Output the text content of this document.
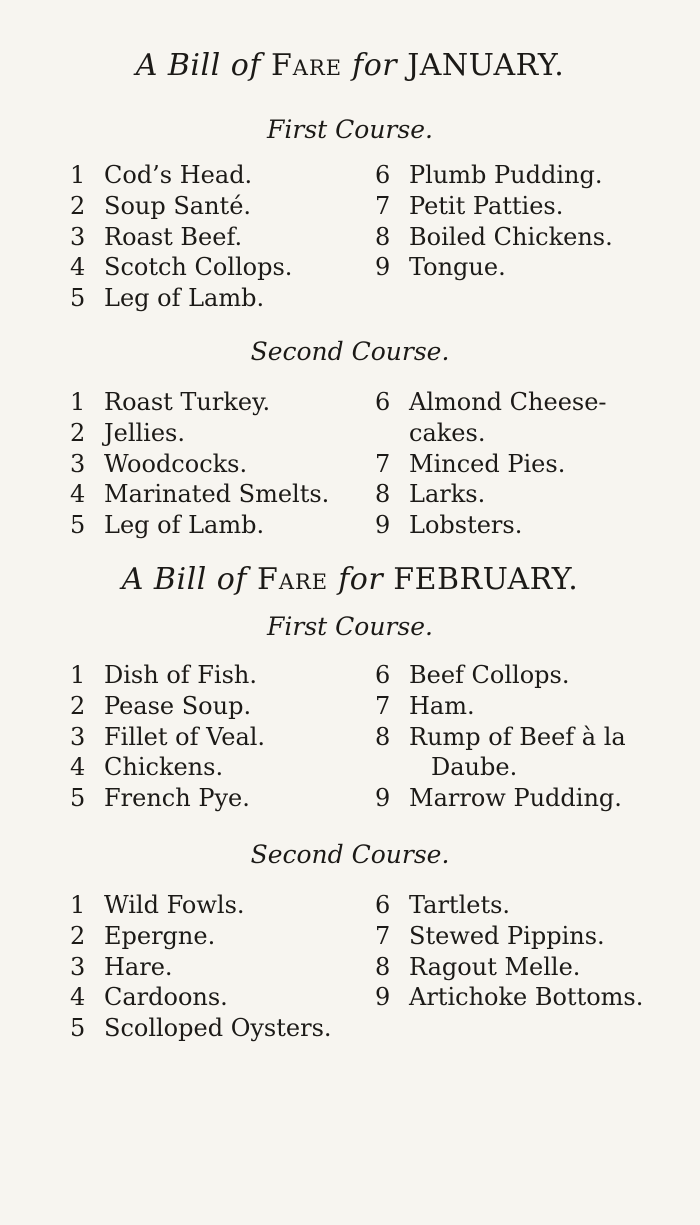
A Bill of Fare for JANUARY.
First Course.
1 Cod’s Head.
2 Soup Santé.
3 Roast Beef.
4 Scotch Collops.
5 Leg of Lamb.
6 Plumb Pudding.
7 Petit Patties.
8 Boiled Chickens.
9 Tongue.
Second Course.
1 Roast Turkey.
2 Jellies.
3 Woodcocks.
4 Marinated Smelts.
5 Leg of Lamb.
6 Almond Cheese-
cakes.
7 Minced Pies.
8 Larks.
9 Lobsters.
A Bill of Fare for FEBRUARY.
First Course.
1 Dish of Fish.
2 Pease Soup.
3 Fillet of Veal.
4 Chickens.
5 French Pye.
6 Beef Collops.
7 Ham.
8 Rump of Beef à la
Daube.
9 Marrow Pudding.
Second Course.
1 Wild Fowls.
2 Epergne.
3 Hare.
4 Cardoons.
5 Scolloped Oysters.
6 Tartlets.
7 Stewed Pippins.
8 Ragout Melle.
9 Artichoke Bottoms.
